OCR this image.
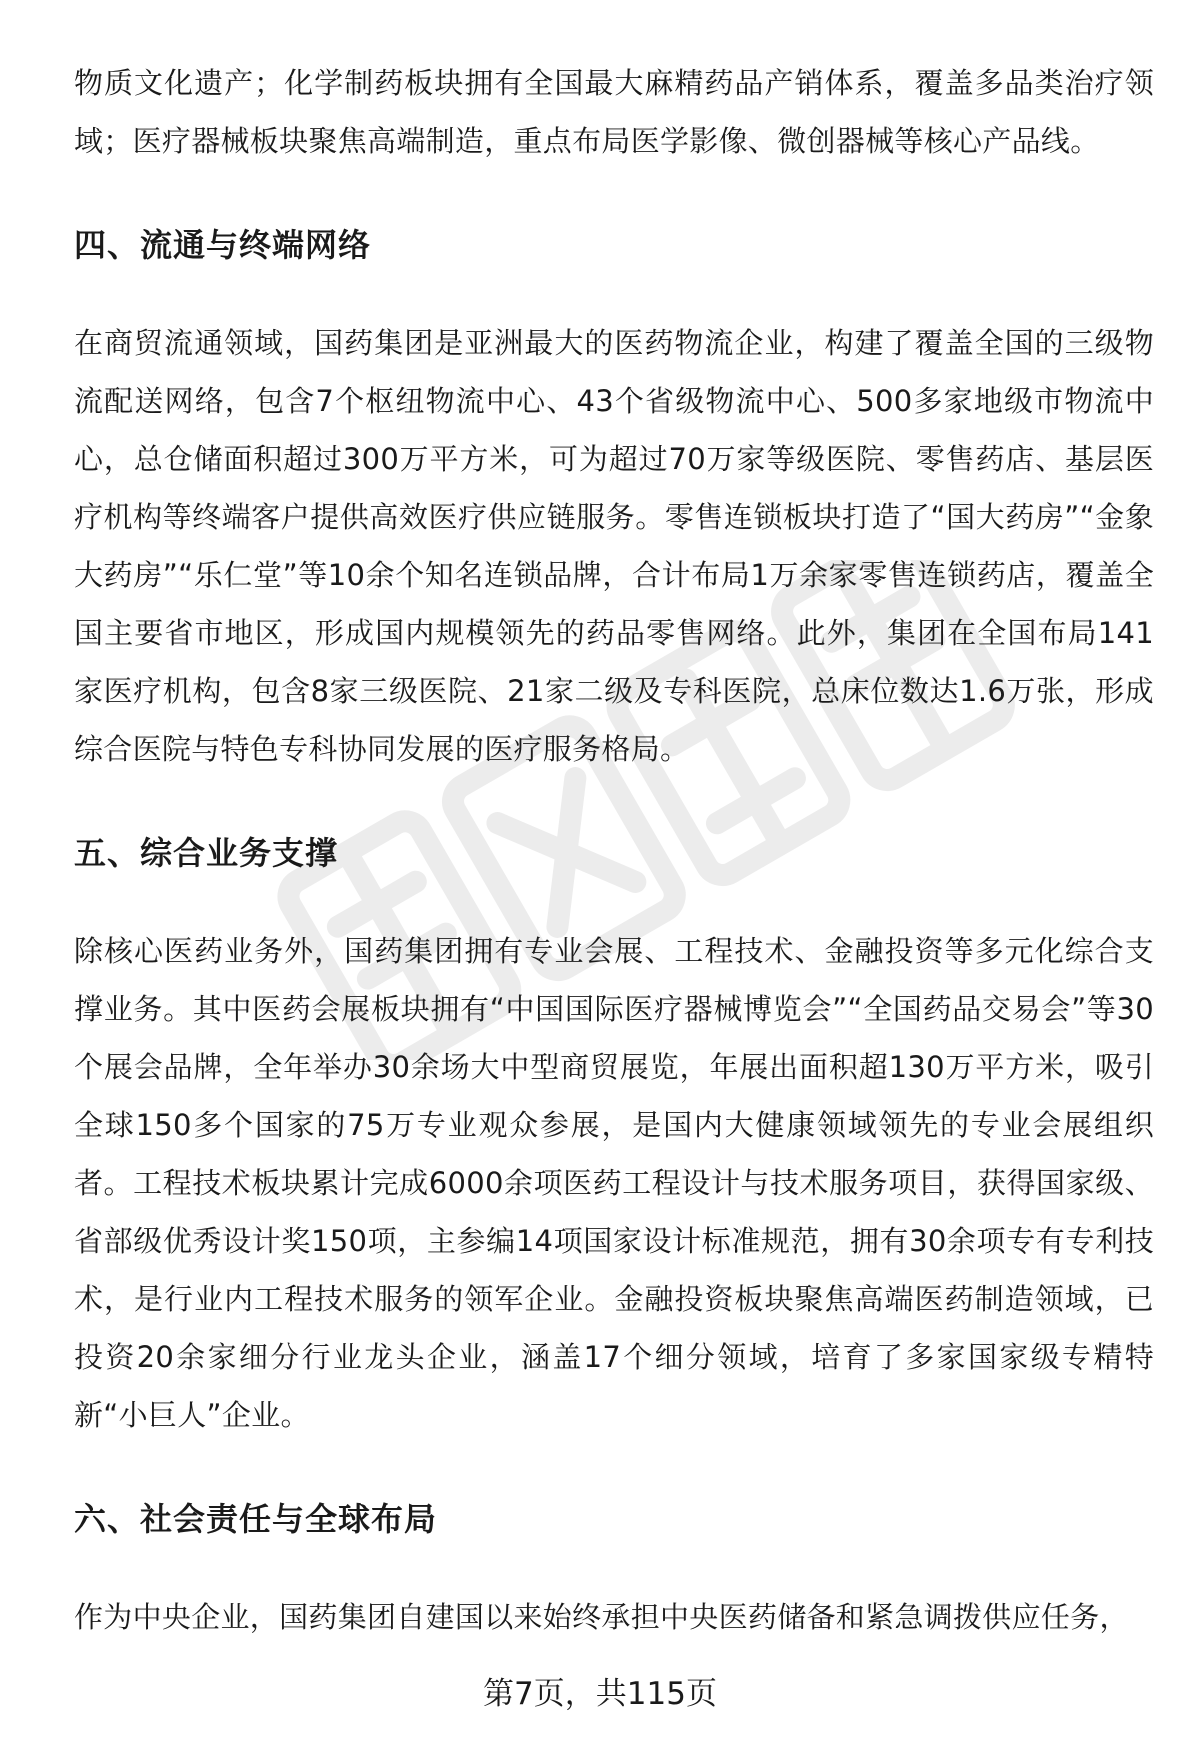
物质文化遗产；化学制药板块拥有全国最大麻精药品产销体系，覆盖多品类治疗领域；医疗器械板块聚焦高端制造，重点布局医学影像、微创器械等核心产品线。

四、流通与终端网络

在商贸流通领域，国药集团是亚洲最大的医药物流企业，构建了覆盖全国的三级物流配送网络，包含7个枢纽物流中心、43个省级物流中心、500多家地级市物流中心，总仓储面积超过300万平方米，可为超过70万家等级医院、零售药店、基层医疗机构等终端客户提供高效医疗供应链服务。零售连锁板块打造了“国大药房”“金象大药房”“乐仁堂”等10余个知名连锁品牌，合计布局1万余家零售连锁药店，覆盖全国主要省市地区，形成国内规模领先的药品零售网络。此外，集团在全国布局141家医疗机构，包含8家三级医院、21家二级及专科医院，总床位数达1.6万张，形成综合医院与特色专科协同发展的医疗服务格局。

五、综合业务支撑

除核心医药业务外，国药集团拥有专业会展、工程技术、金融投资等多元化综合支撑业务。其中医药会展板块拥有“中国国际医疗器械博览会”“全国药品交易会”等30个展会品牌，全年举办30余场大中型商贸展览，年展出面积超130万平方米，吸引全球150多个国家的75万专业观众参展，是国内大健康领域领先的专业会展组织者。工程技术板块累计完成6000余项医药工程设计与技术服务项目，获得国家级、省部级优秀设计奖150项，主参编14项国家设计标准规范，拥有30余项专有专利技术，是行业内工程技术服务的领军企业。金融投资板块聚焦高端医药制造领域，已投资20余家细分行业龙头企业，涵盖17个细分领域，培育了多家国家级专精特新“小巨人”企业。

六、社会责任与全球布局

作为中央企业，国药集团自建国以来始终承担中央医药储备和紧急调拨供应任务，

第7页，共115页
